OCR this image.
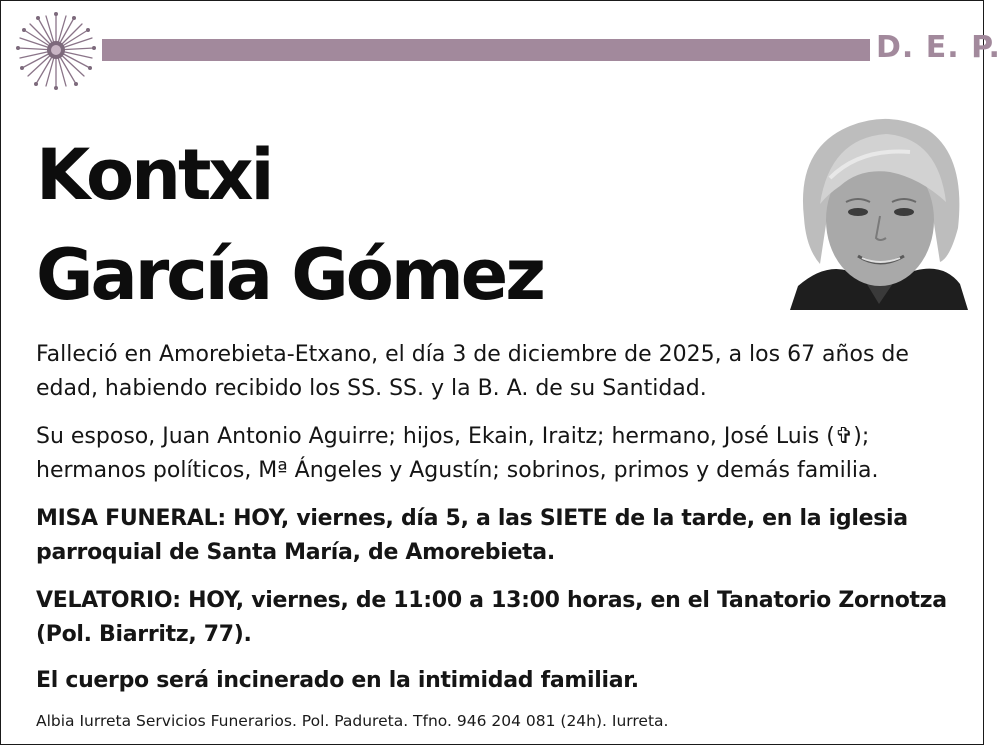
D. E. P.
Kontxi
García Gómez
Falleció en Amorebieta-Etxano, el día 3 de diciembre de 2025, a los 67 años de edad, habiendo recibido los SS. SS. y la B. A. de su Santidad.
Su esposo, Juan Antonio Aguirre; hijos, Ekain, Iraitz; hermano, José Luis (✞); hermanos políticos, Mª Ángeles y Agustín; sobrinos, primos y demás familia.
MISA FUNERAL: HOY, viernes, día 5, a las SIETE de la tarde, en la iglesia parroquial de Santa María, de Amorebieta.
VELATORIO: HOY, viernes, de 11:00 a 13:00 horas, en el Tanatorio Zornotza (Pol. Biarritz, 77).
El cuerpo será incinerado en la intimidad familiar.
Albia Iurreta Servicios Funerarios. Pol. Padureta. Tfno. 946 204 081 (24h). Iurreta.
